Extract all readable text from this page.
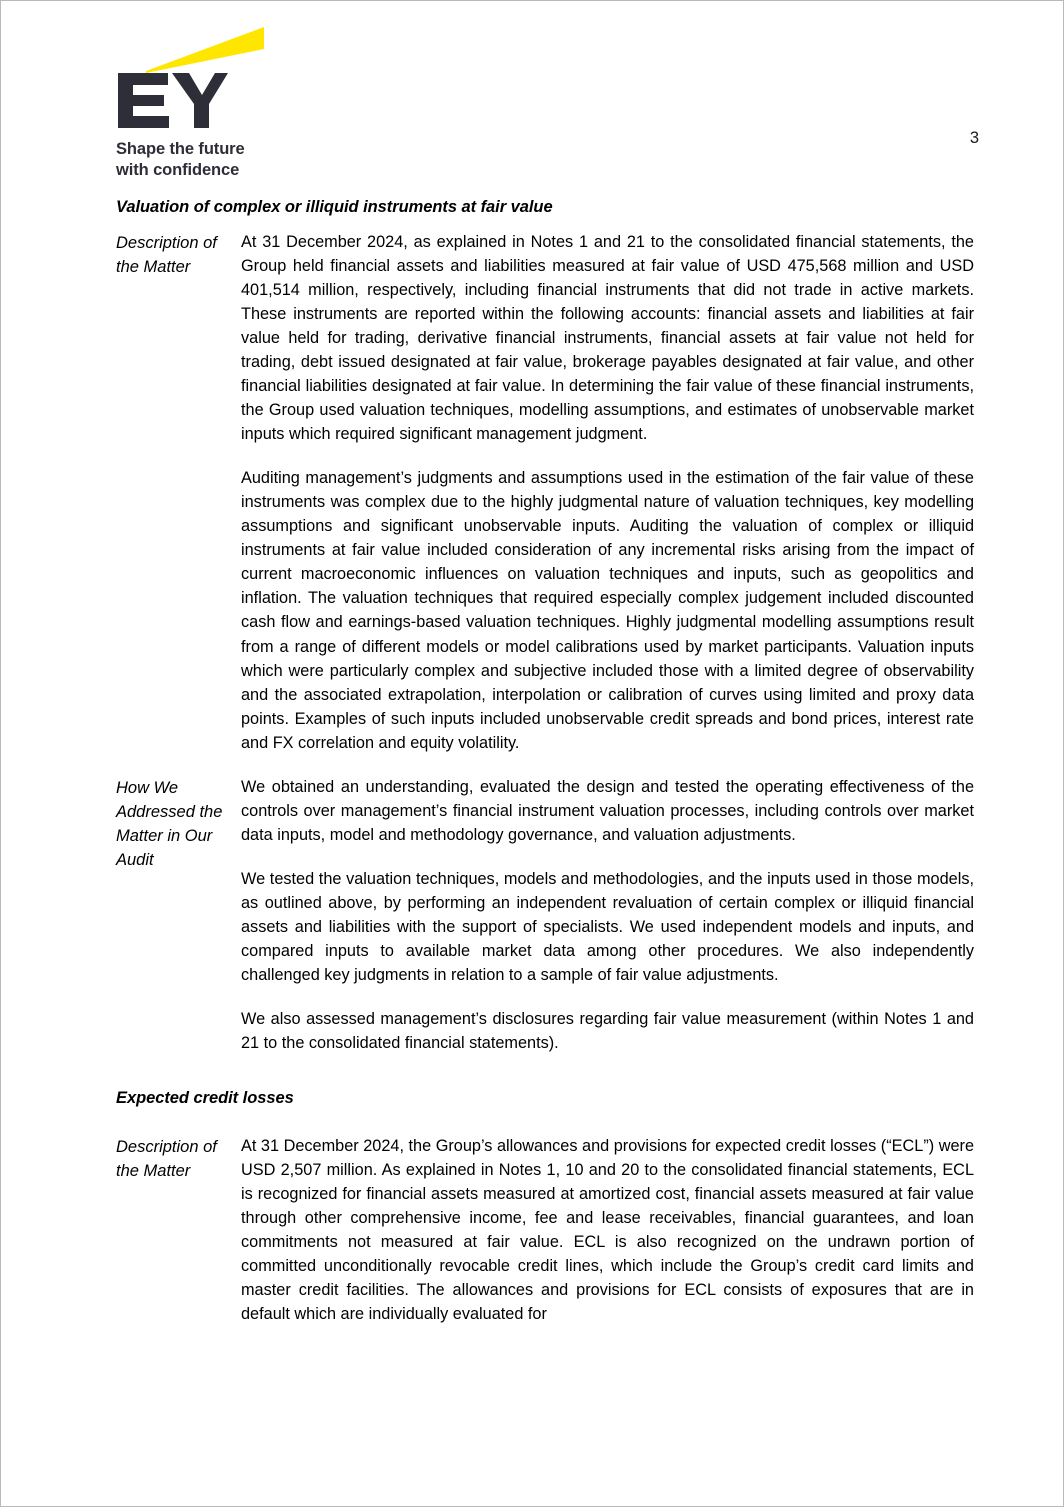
Shape the future
with confidence
3
Valuation of complex or illiquid instruments at fair value
Description of
the Matter

At 31 December 2024, as explained in Notes 1 and 21 to the consolidated financial statements, the Group held financial assets and liabilities measured at fair value of USD 475,568 million and USD 401,514 million, respectively, including financial instruments that did not trade in active markets. These instruments are reported within the following accounts: financial assets and liabilities at fair value held for trading, derivative financial instruments, financial assets at fair value not held for trading, debt issued designated at fair value, brokerage payables designated at fair value, and other financial liabilities designated at fair value. In determining the fair value of these financial instruments, the Group used valuation techniques, modelling assumptions, and estimates of unobservable market inputs which required significant management judgment.

Auditing management’s judgments and assumptions used in the estimation of the fair value of these instruments was complex due to the highly judgmental nature of valuation techniques, key modelling assumptions and significant unobservable inputs. Auditing the valuation of complex or illiquid instruments at fair value included consideration of any incremental risks arising from the impact of current macroeconomic influences on valuation techniques and inputs, such as geopolitics and inflation. The valuation techniques that required especially complex judgement included discounted cash flow and earnings-based valuation techniques. Highly judgmental modelling assumptions result from a range of different models or model calibrations used by market participants. Valuation inputs which were particularly complex and subjective included those with a limited degree of observability and the associated extrapolation, interpolation or calibration of curves using limited and proxy data points. Examples of such inputs included unobservable credit spreads and bond prices, interest rate and FX correlation and equity volatility.

How We
Addressed the
Matter in Our
Audit

We obtained an understanding, evaluated the design and tested the operating effectiveness of the controls over management’s financial instrument valuation processes, including controls over market data inputs, model and methodology governance, and valuation adjustments.

We tested the valuation techniques, models and methodologies, and the inputs used in those models, as outlined above, by performing an independent revaluation of certain complex or illiquid financial assets and liabilities with the support of specialists. We used independent models and inputs, and compared inputs to available market data among other procedures. We also independently challenged key judgments in relation to a sample of fair value adjustments.

We also assessed management’s disclosures regarding fair value measurement (within Notes 1 and 21 to the consolidated financial statements).

Expected credit losses
Description of
the Matter

At 31 December 2024, the Group’s allowances and provisions for expected credit losses (“ECL”) were USD 2,507 million. As explained in Notes 1, 10 and 20 to the consolidated financial statements, ECL is recognized for financial assets measured at amortized cost, financial assets measured at fair value through other comprehensive income, fee and lease receivables, financial guarantees, and loan commitments not measured at fair value. ECL is also recognized on the undrawn portion of committed unconditionally revocable credit lines, which include the Group’s credit card limits and master credit facilities. The allowances and provisions for ECL consists of exposures that are in default which are individually evaluated for
